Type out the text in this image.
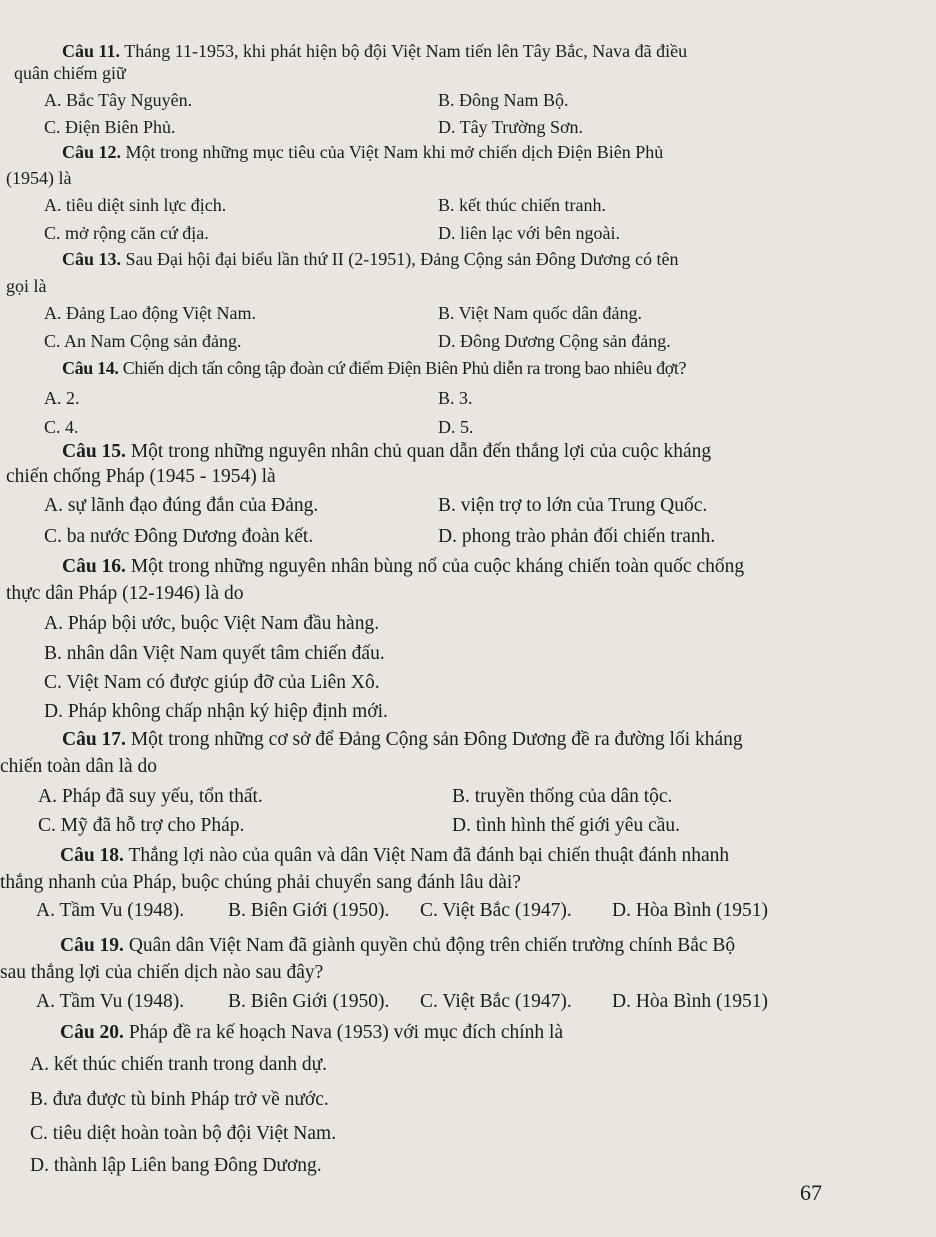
Câu 11. Tháng 11-1953, khi phát hiện bộ đội Việt Nam tiến lên Tây Bắc, Nava đã điều
quân chiếm giữ
A. Bắc Tây Nguyên.	B. Đông Nam Bộ.
C. Điện Biên Phủ.	D. Tây Trường Sơn.
Câu 12. Một trong những mục tiêu của Việt Nam khi mở chiến dịch Điện Biên Phủ
(1954) là
A. tiêu diệt sinh lực địch.	B. kết thúc chiến tranh.
C. mở rộng căn cứ địa.	D. liên lạc với bên ngoài.
Câu 13. Sau Đại hội đại biểu lần thứ II (2-1951), Đảng Cộng sản Đông Dương có tên
gọi là
A. Đảng Lao động Việt Nam.	B. Việt Nam quốc dân đảng.
C. An Nam Cộng sản đảng.	D. Đông Dương Cộng sản đảng.
Câu 14. Chiến dịch tấn công tập đoàn cứ điểm Điện Biên Phủ diễn ra trong bao nhiêu đợt?
A. 2.	B. 3.
C. 4.	D. 5.
Câu 15. Một trong những nguyên nhân chủ quan dẫn đến thắng lợi của cuộc kháng
chiến chống Pháp (1945 - 1954) là
A. sự lãnh đạo đúng đắn của Đảng.	B. viện trợ to lớn của Trung Quốc.
C. ba nước Đông Dương đoàn kết.	D. phong trào phản đối chiến tranh.
Câu 16. Một trong những nguyên nhân bùng nổ của cuộc kháng chiến toàn quốc chống
thực dân Pháp (12-1946) là do
A. Pháp bội ước, buộc Việt Nam đầu hàng.
B. nhân dân Việt Nam quyết tâm chiến đấu.
C. Việt Nam có được giúp đỡ của Liên Xô.
D. Pháp không chấp nhận ký hiệp định mới.
Câu 17. Một trong những cơ sở để Đảng Cộng sản Đông Dương đề ra đường lối kháng
chiến toàn dân là do
A. Pháp đã suy yếu, tổn thất.	B. truyền thống của dân tộc.
C. Mỹ đã hỗ trợ cho Pháp.	D. tình hình thế giới yêu cầu.
Câu 18. Thắng lợi nào của quân và dân Việt Nam đã đánh bại chiến thuật đánh nhanh
thắng nhanh của Pháp, buộc chúng phải chuyển sang đánh lâu dài?
A. Tầm Vu (1948). B. Biên Giới (1950). C. Việt Bắc (1947). D. Hòa Bình (1951)
Câu 19. Quân dân Việt Nam đã giành quyền chủ động trên chiến trường chính Bắc Bộ
sau thắng lợi của chiến dịch nào sau đây?
A. Tầm Vu (1948). B. Biên Giới (1950). C. Việt Bắc (1947). D. Hòa Bình (1951)
Câu 20. Pháp đề ra kế hoạch Nava (1953) với mục đích chính là
A. kết thúc chiến tranh trong danh dự.
B. đưa được tù binh Pháp trở về nước.
C. tiêu diệt hoàn toàn bộ đội Việt Nam.
D. thành lập Liên bang Đông Dương.
67
